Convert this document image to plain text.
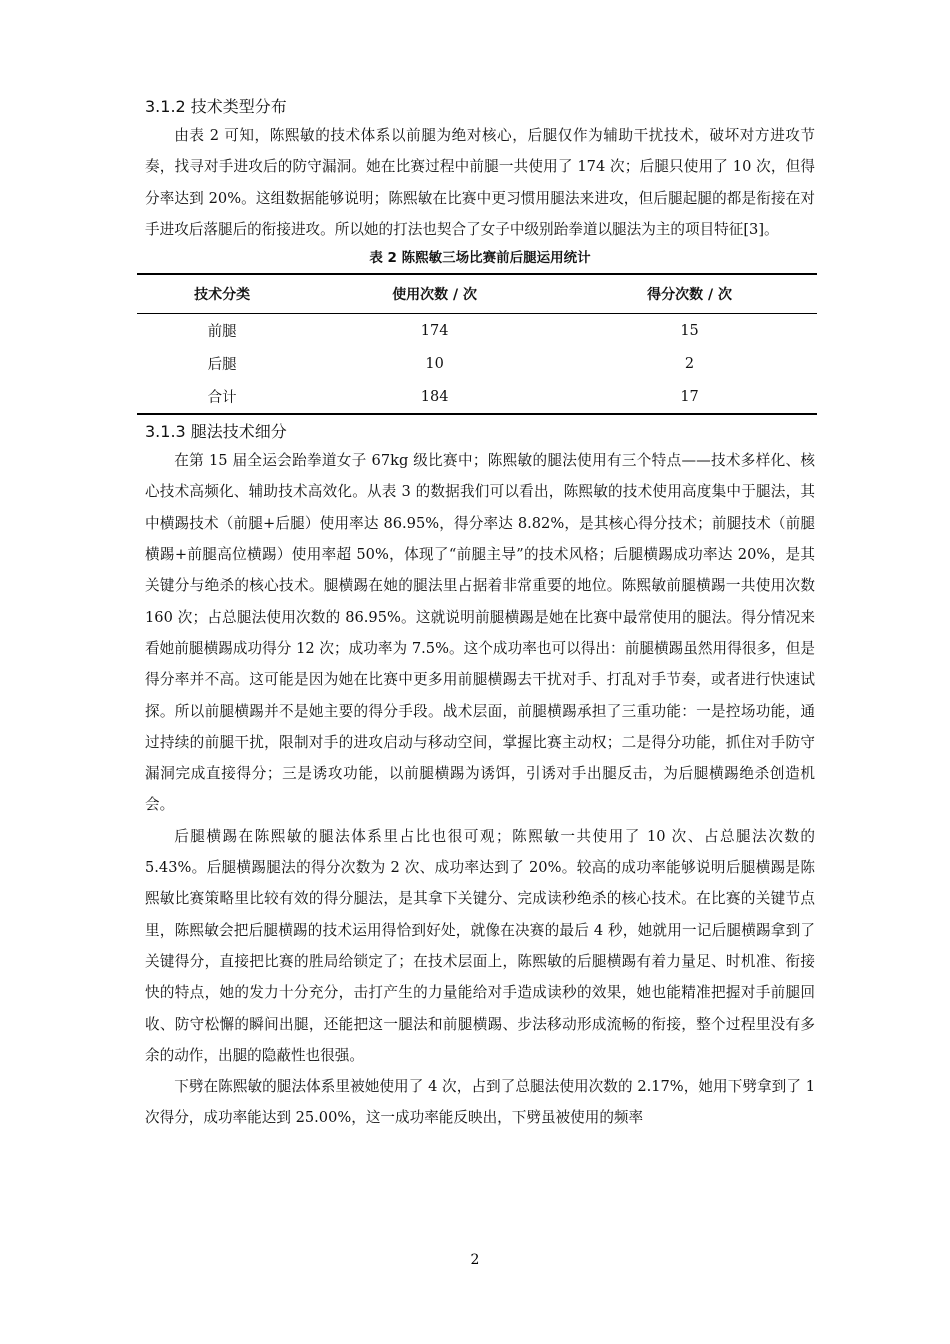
3.1.2 技术类型分布

由表 2 可知，陈熙敏的技术体系以前腿为绝对核心，后腿仅作为辅助干扰技术，破坏对方进攻节奏，找寻对手进攻后的防守漏洞。她在比赛过程中前腿一共使用了 174 次；后腿只使用了 10 次，但得分率达到 20%。这组数据能够说明；陈熙敏在比赛中更习惯用腿法来进攻，但后腿起腿的都是衔接在对手进攻后落腿后的衔接进攻。所以她的打法也契合了女子中级别跆拳道以腿法为主的项目特征[3]。

表 2 陈熙敏三场比赛前后腿运用统计
技术分类	使用次数 / 次	得分次数 / 次
前腿	174	15
后腿	10	2
合计	184	17
3.1.3 腿法技术细分

在第 15 届全运会跆拳道女子 67kg 级比赛中；陈熙敏的腿法使用有三个特点——技术多样化、核心技术高频化、辅助技术高效化。从表 3 的数据我们可以看出，陈熙敏的技术使用高度集中于腿法，其中横踢技术（前腿+后腿）使用率达 86.95%，得分率达 8.82%，是其核心得分技术；前腿技术（前腿横踢+前腿高位横踢）使用率超 50%，体现了“前腿主导”的技术风格；后腿横踢成功率达 20%，是其关键分与绝杀的核心技术。腿横踢在她的腿法里占据着非常重要的地位。陈熙敏前腿横踢一共使用次数 160 次；占总腿法使用次数的 86.95%。这就说明前腿横踢是她在比赛中最常使用的腿法。得分情况来看她前腿横踢成功得分 12 次；成功率为 7.5%。这个成功率也可以得出：前腿横踢虽然用得很多，但是得分率并不高。这可能是因为她在比赛中更多用前腿横踢去干扰对手、打乱对手节奏，或者进行快速试探。所以前腿横踢并不是她主要的得分手段。战术层面，前腿横踢承担了三重功能：一是控场功能，通过持续的前腿干扰，限制对手的进攻启动与移动空间，掌握比赛主动权；二是得分功能，抓住对手防守漏洞完成直接得分；三是诱攻功能，以前腿横踢为诱饵，引诱对手出腿反击，为后腿横踢绝杀创造机会。

后腿横踢在陈熙敏的腿法体系里占比也很可观；陈熙敏一共使用了 10 次、占总腿法次数的 5.43%。后腿横踢腿法的得分次数为 2 次、成功率达到了 20%。较高的成功率能够说明后腿横踢是陈熙敏比赛策略里比较有效的得分腿法，是其拿下关键分、完成读秒绝杀的核心技术。在比赛的关键节点里，陈熙敏会把后腿横踢的技术运用得恰到好处，就像在决赛的最后 4 秒，她就用一记后腿横踢拿到了关键得分，直接把比赛的胜局给锁定了；在技术层面上，陈熙敏的后腿横踢有着力量足、时机准、衔接快的特点，她的发力十分充分，击打产生的力量能给对手造成读秒的效果，她也能精准把握对手前腿回收、防守松懈的瞬间出腿，还能把这一腿法和前腿横踢、步法移动形成流畅的衔接，整个过程里没有多余的动作，出腿的隐蔽性也很强。

下劈在陈熙敏的腿法体系里被她使用了 4 次，占到了总腿法使用次数的 2.17%，她用下劈拿到了 1 次得分，成功率能达到 25.00%，这一成功率能反映出，下劈虽被使用的频率

2
